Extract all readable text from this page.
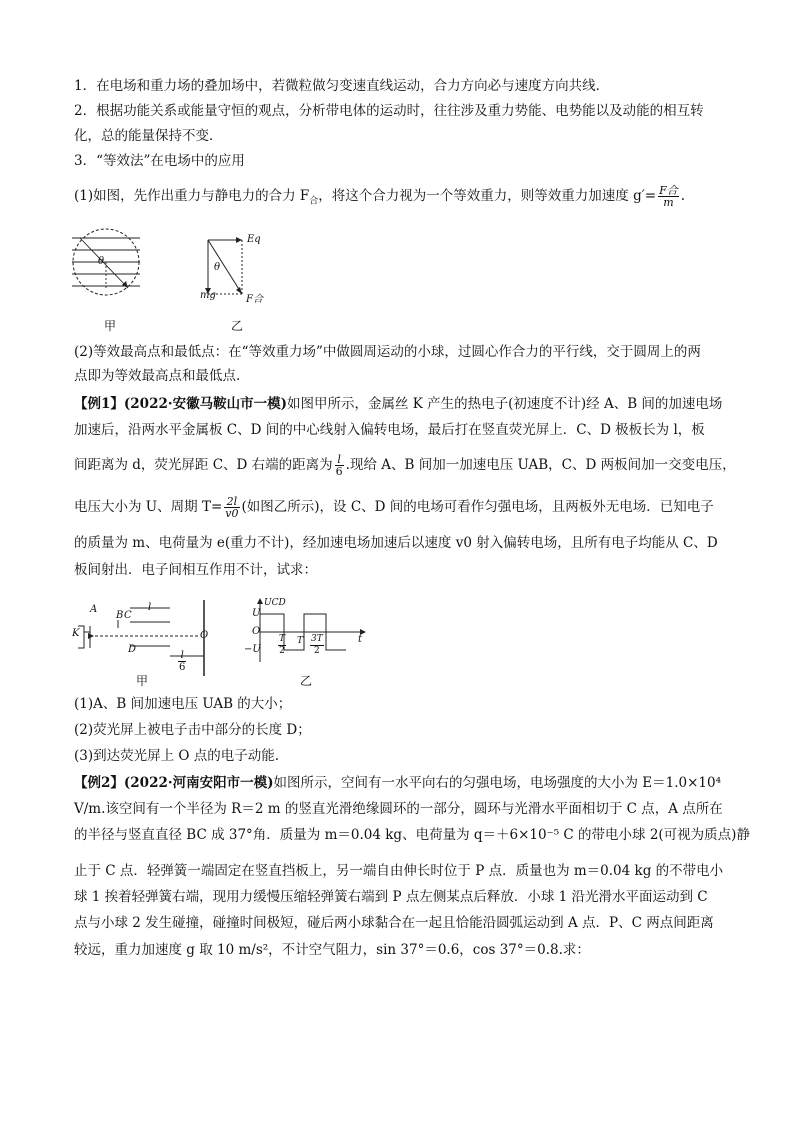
1．在电场和重力场的叠加场中，若微粒做匀变速直线运动，合力方向必与速度方向共线．
2．根据功能关系或能量守恒的观点，分析带电体的运动时，往往涉及重力势能、电势能以及动能的相互转
化，总的能量保持不变．
3．“等效法”在电场中的应用
(1)如图，先作出重力与静电力的合力 $F_合$，将这个合力视为一个等效重力，则等效重力加速度 $g'= \frac{\text{F合}}{m}$ .
θ
甲
Eq
θ
mg	F合
乙
(2)等效最高点和最低点：在“等效重力场”中做圆周运动的小球，过圆心作合力的平行线，交于圆周上的两
点即为等效最高点和最低点.
【例1】(2022·安徽马鞍山市一模)如图甲所示，金属丝 K 产生的热电子(初速度不计)经 A、B 间的加速电场
加速后，沿两水平金属板 C、D 间的中心线射入偏转电场，最后打在竖直荧光屏上．C、D 极板长为 l，板
间距离为 d，荧光屏距 C、D 右端的距离为 $\frac{l}{6}$ .现给 A、B 间加一加速电压 UAB，C、D 两板间加一交变电压，
电压大小为 U、周期 $T= \frac{2l}{v0}$ (如图乙所示)，设 C、D 间的电场可看作匀强电场，且两板外无电场．已知电子
的质量为 m、电荷量为 e(重力不计)，经加速电场加速后以速度 v0 射入偏转电场，且所有电子均能从 C、D
板间射出．电子间相互作用不计，试求：
A
B C
l
K
D
O
$\frac{l}{6}$
甲
UCD
U
O
−U
t
$\frac{T}{2}$ T $\frac{3T}{2}$
乙
(1)A、B 间加速电压 UAB 的大小；
(2)荧光屏上被电子击中部分的长度 D；
(3)到达荧光屏上 O 点的电子动能.
【例2】(2022·河南安阳市一模)如图所示，空间有一水平向右的匀强电场，电场强度的大小为 E＝1.0×10⁴
V/m.该空间有一个半径为 R＝2 m 的竖直光滑绝缘圆环的一部分，圆环与光滑水平面相切于 C 点，A 点所在
的半径与竖直直径 BC 成 37°角．质量为 m＝0.04 kg、电荷量为 q＝＋6×10⁻⁵ C 的带电小球 2(可视为质点)静
止于 C 点．轻弹簧一端固定在竖直挡板上，另一端自由伸长时位于 P 点．质量也为 m＝0.04 kg 的不带电小
球 1 挨着轻弹簧右端，现用力缓慢压缩轻弹簧右端到 P 点左侧某点后释放．小球 1 沿光滑水平面运动到 C
点与小球 2 发生碰撞，碰撞时间极短，碰后两小球黏合在一起且恰能沿圆弧运动到 A 点．P、C 两点间距离
较远，重力加速度 g 取 10 m/s²，不计空气阻力，sin 37°＝0.6，cos 37°＝0.8.求：
